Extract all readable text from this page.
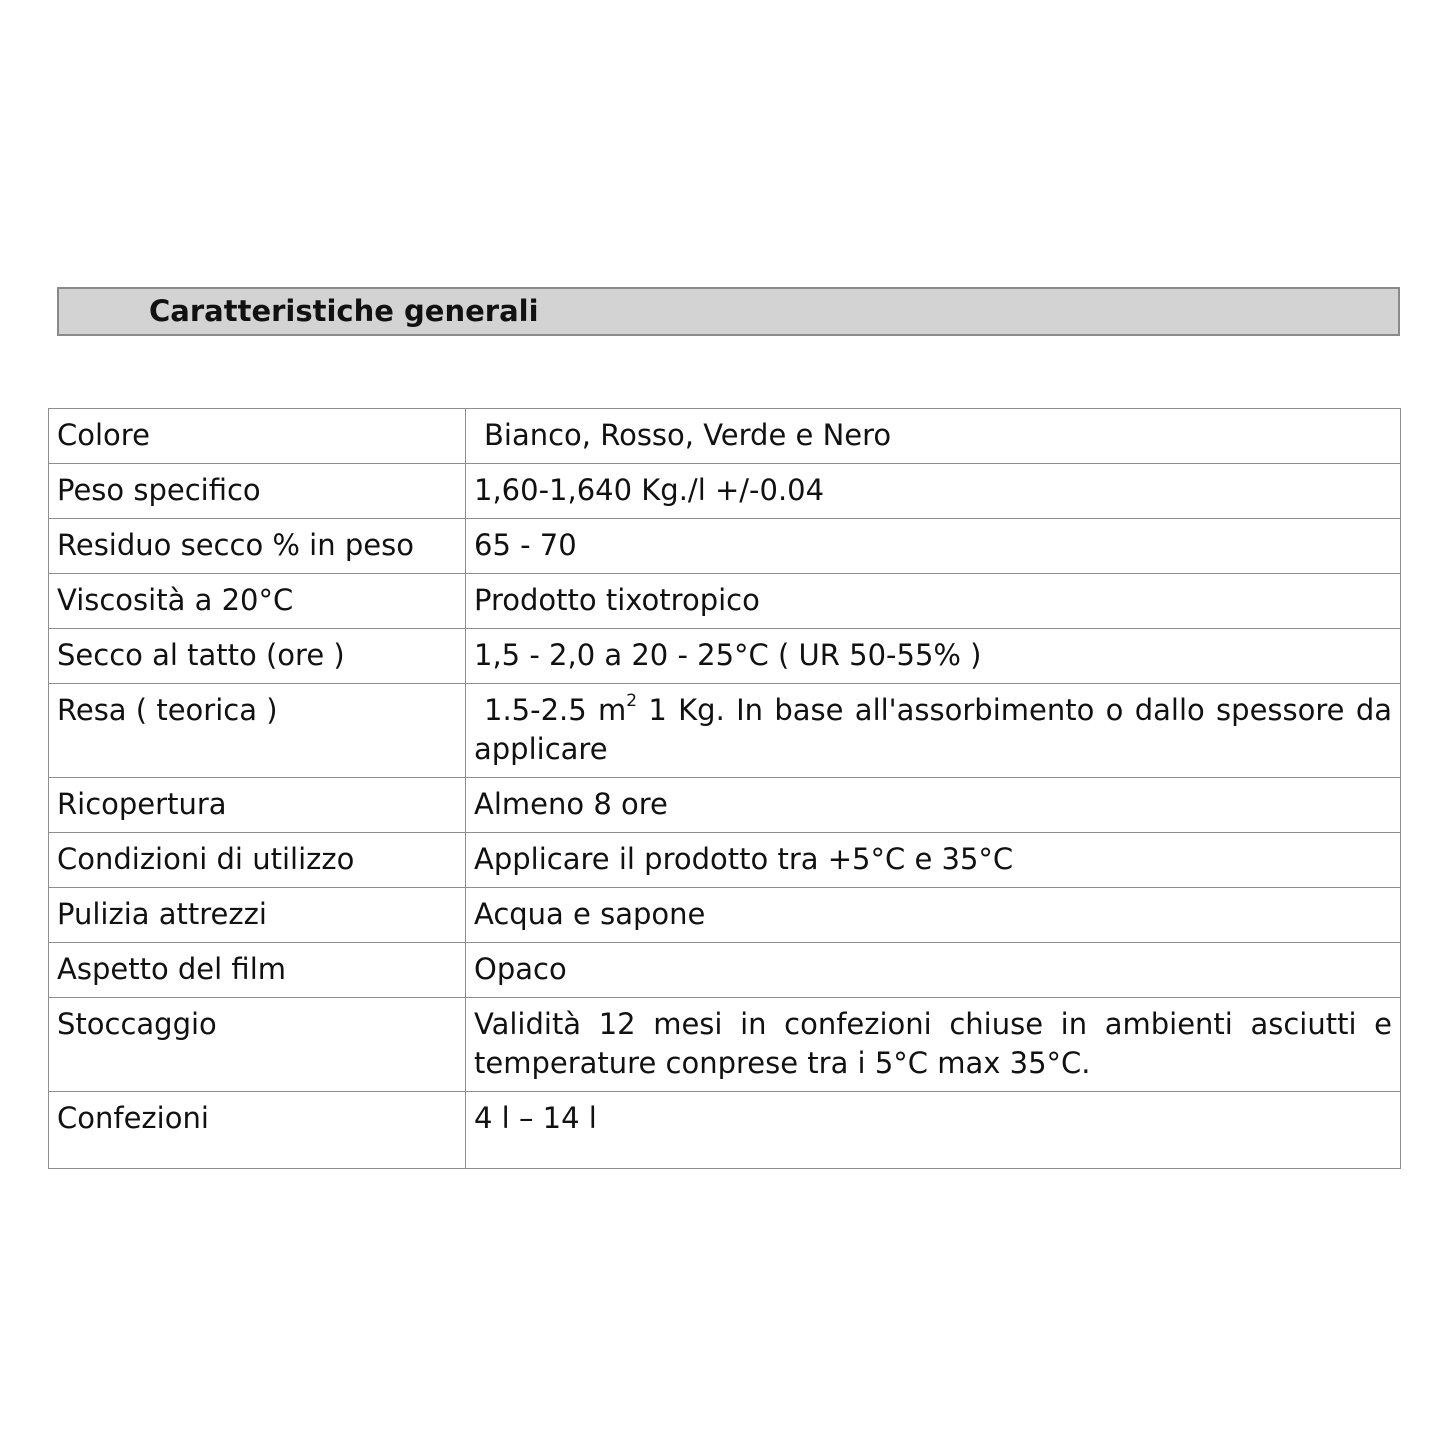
Caratteristiche generali
Colore	Bianco, Rosso, Verde e Nero
Peso specifico	1,60-1,640 Kg./l +/-0.04
Residuo secco % in peso	65 - 70
Viscosità a 20°C	Prodotto tixotropico
Secco al tatto (ore )	1,5 - 2,0 a 20 - 25°C ( UR 50-55% )
Resa ( teorica )	1.5-2.5 $m^2$ 1 Kg. In base all'assorbimento o dallo spessore da applicare
Ricopertura	Almeno 8 ore
Condizioni di utilizzo	Applicare il prodotto tra +5°C e 35°C
Pulizia attrezzi	Acqua e sapone
Aspetto del film	Opaco
Stoccaggio	Validità 12 mesi in confezioni chiuse in ambienti asciutti e temperature conprese tra i 5°C max 35°C.
Confezioni	4 l – 14 l
